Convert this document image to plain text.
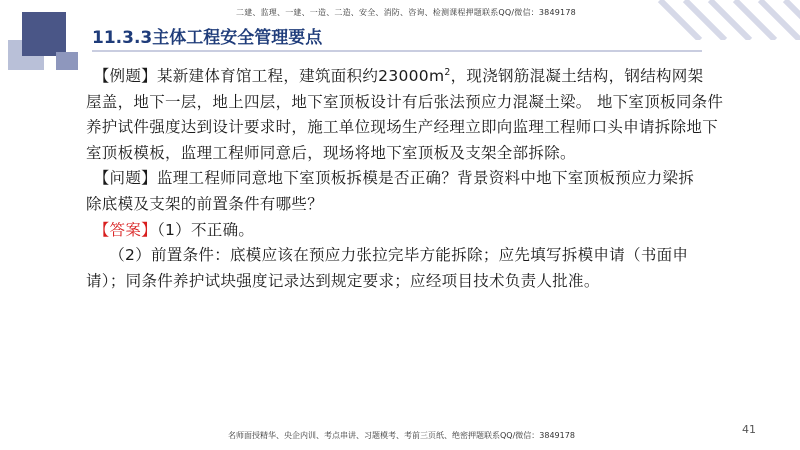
二建、监理、一建、一造、二造、安全、消防、咨询、检测课程押题联系QQ/微信：3849178
11.3.3主体工程安全管理要点

【例题】某新建体育馆工程，建筑面积约$23000m^2$，现浇钢筋混凝土结构，钢结构网架
屋盖，地下一层，地上四层，地下室顶板设计有后张法预应力混凝土梁。 地下室顶板同条件
养护试件强度达到设计要求时，施工单位现场生产经理立即向监理工程师口头申请拆除地下
室顶板模板，监理工程师同意后，现场将地下室顶板及支架全部拆除。

【问题】监理工程师同意地下室顶板拆模是否正确？背景资料中地下室顶板预应力梁拆
除底模及支架的前置条件有哪些？

【答案】（1）不正确。

（2）前置条件：底模应该在预应力张拉完毕方能拆除；应先填写拆模申请（书面申
请）；同条件养护试块强度记录达到规定要求；应经项目技术负责人批准。

41
名师面授精华、央企内训、考点串讲、习题模考、考前三页纸、绝密押题联系QQ/微信：3849178
